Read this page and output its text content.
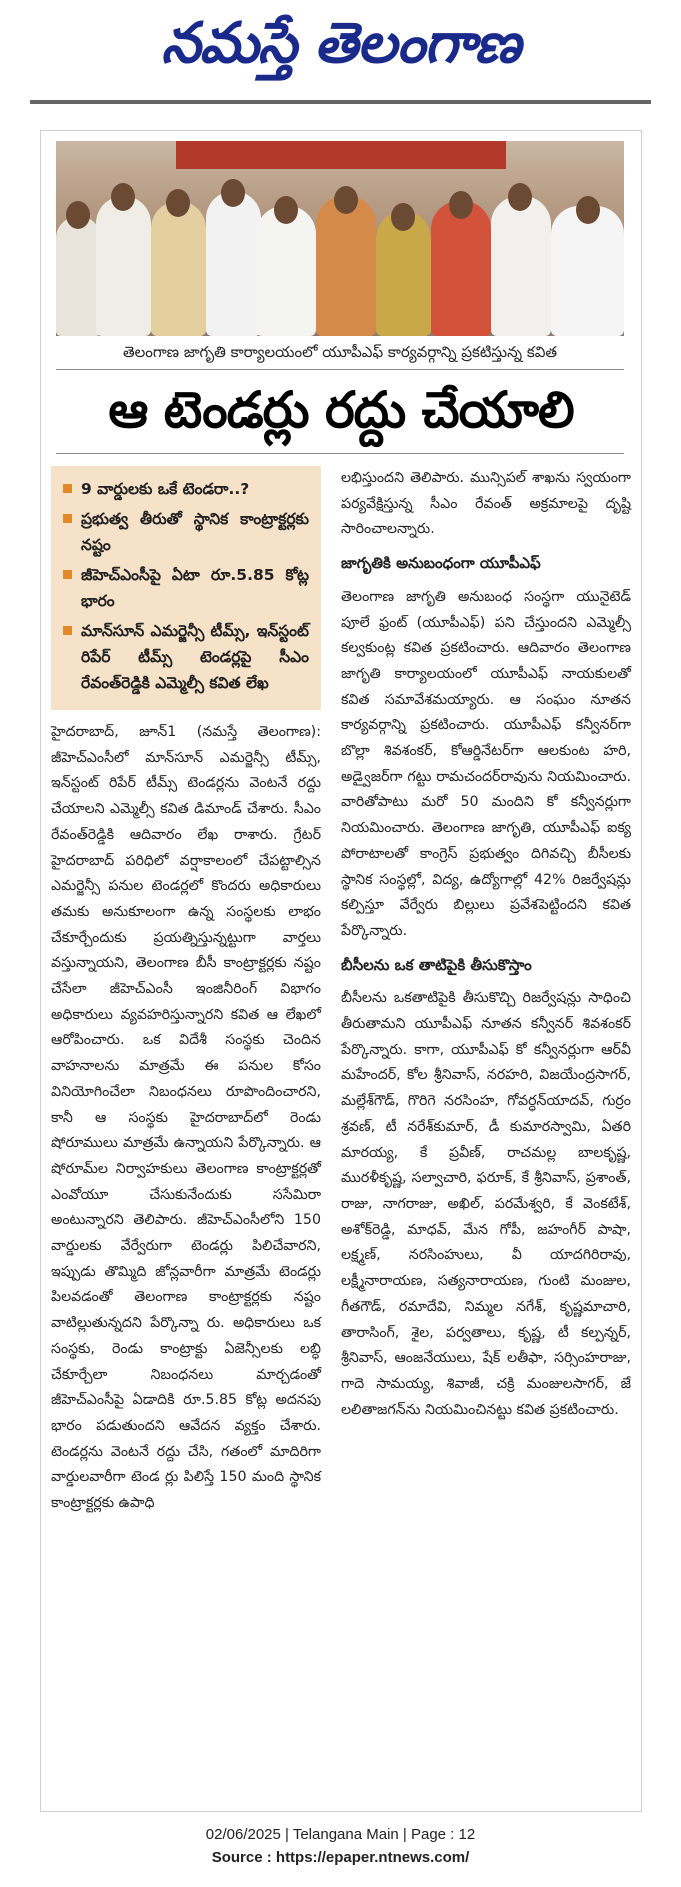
నమస్తే తెలంగాణ
తెలంగాణ జాగృతి కార్యాలయంలో యూపీఎఫ్ కార్యవర్గాన్ని ప్రకటిస్తున్న కవిత
ఆ టెండర్లు రద్దు చేయాలి
9 వార్డులకు ఒకే టెండరా..?
ప్రభుత్వ తీరుతో స్థానిక కాంట్రాక్టర్లకు నష్టం
జీహెచ్ఎంసీపై ఏటా రూ.5.85 కోట్ల భారం
మాన్‌సూన్ ఎమర్జెన్సీ టీమ్స్, ఇన్‌స్టంట్ రిపేర్ టీమ్స్ టెండర్లపై సీఎం రేవంత్‌రెడ్డికి ఎమ్మెల్సీ కవిత లేఖ

హైదరాబాద్, జూన్1 (నమస్తే తెలంగాణ): జీహెచ్ఎంసీలో మాన్‌సూన్ ఎమర్జెన్సీ టీమ్స్, ఇన్‌స్టంట్ రిపేర్ టీమ్స్ టెండర్లను వెంటనే రద్దు చేయాలని ఎమ్మెల్సీ కవిత డిమాండ్ చేశారు. సీఎం రేవంత్‌రెడ్డికి ఆదివారం లేఖ రాశారు. గ్రేటర్ హైదరాబాద్ పరిధిలో వర్షాకాలంలో చేపట్టాల్సిన ఎమర్జెన్సీ పనుల టెండర్లలో కొందరు అధికారులు తమకు అనుకూలంగా ఉన్న సంస్థలకు లాభం చేకూర్చేందుకు ప్రయత్నిస్తున్నట్టుగా వార్తలు వస్తున్నాయని, తెలంగాణ బీసీ కాంట్రాక్టర్లకు నష్టం చేసేలా జీహెచ్ఎంసీ ఇంజినీరింగ్ విభాగం అధికారులు వ్యవహరిస్తున్నారని కవిత ఆ లేఖలో ఆరోపించారు. ఒక విదేశీ సంస్థకు చెందిన వాహనాలను మాత్రమే ఈ పనుల కోసం వినియోగించేలా నిబంధనలు రూపొందించారని, కానీ ఆ సంస్థకు హైదరాబాద్‌లో రెండు షోరూములు మాత్రమే ఉన్నాయని పేర్కొన్నారు. ఆ షోరూమ్‌ల నిర్వాహకులు తెలంగాణ కాంట్రాక్టర్లతో ఎంవోయూ చేసుకునేందుకు ససేమిరా అంటున్నారని తెలిపారు. జీహెచ్ఎంసీలోని 150 వార్డులకు వేర్వేరుగా టెండర్లు పిలిచేవారని, ఇప్పుడు తొమ్మిది జోన్లవారీగా మాత్రమే టెండర్లు పిలవడంతో తెలంగాణ కాంట్రాక్టర్లకు నష్టం వాటిల్లుతున్నదని పేర్కొన్నా రు. అధికారులు ఒక సంస్థకు, రెండు కాంట్రాక్టు ఏజెన్సీలకు లబ్ధి చేకూర్చేలా నిబంధనలు మార్చడంతో జీహెచ్ఎంసీపై ఏడాదికి రూ.5.85 కోట్ల అదనపు భారం పడుతుందని ఆవేదన వ్యక్తం చేశారు. టెండర్లను వెంటనే రద్దు చేసి, గతంలో మాదిరిగా వార్డులవారీగా టెండ ర్లు పిలిస్తే 150 మంది స్థానిక కాంట్రాక్టర్లకు ఉపాధి

లభిస్తుందని తెలిపారు. మున్సిపల్ శాఖను స్వయంగా పర్యవేక్షిస్తున్న సీఎం రేవంత్ అక్రమాలపై దృష్టి సారించాలన్నారు.

జాగృతికి అనుబంధంగా యూపీఎఫ్

తెలంగాణ జాగృతి అనుబంధ సంస్థగా యునైటెడ్ పూలే ఫ్రంట్ (యూపీఎఫ్) పని చేస్తుందని ఎమ్మెల్సీ కల్వకుంట్ల కవిత ప్రకటించారు. ఆదివారం తెలంగాణ జాగృతి కార్యాలయంలో యూపీఎఫ్ నాయకులతో కవిత సమావేశమయ్యారు. ఆ సంఘం నూతన కార్యవర్గాన్ని ప్రకటించారు. యూపీఎఫ్ కన్వీనర్‌గా బొల్లా శివశంకర్, కోఆర్డినేటర్‌గా ఆలకుంట హరి, అడ్వైజర్‌గా గట్టు రామచందర్‌రావును నియమించారు. వారితోపాటు మరో 50 మందిని కో కన్వీనర్లుగా నియమించారు. తెలంగాణ జాగృతి, యూపీఎఫ్ ఐక్య పోరాటాలతో కాంగ్రెస్ ప్రభుత్వం దిగివచ్చి బీసీలకు స్థానిక సంస్థల్లో, విద్య, ఉద్యోగాల్లో 42% రిజర్వేషన్లు కల్పిస్తూ వేర్వేరు బిల్లులు ప్రవేశపెట్టిందని కవిత పేర్కొన్నారు.

బీసీలను ఒక తాటిపైకి తీసుకొస్తాం

బీసీలను ఒకతాటిపైకి తీసుకొచ్చి రిజర్వేషన్లు సాధించి తీరుతామని యూపీఎఫ్ నూతన కన్వీనర్ శివశంకర్ పేర్కొన్నారు. కాగా, యూపీఎఫ్ కో కన్వీనర్లుగా ఆర్‌వీ మహేందర్, కోల శ్రీనివాస్, నరహరి, విజయేంద్రసాగర్, మల్లేశ్‌గౌడ్, గొరిగె నరసింహ, గోవర్ధన్‌యాదవ్, గుర్రం శ్రవణ్, టీ నరేశ్‌కుమార్, డీ కుమారస్వామి, ఏతరి మారయ్య, కే ప్రవీణ్, రాచమల్ల బాలకృష్ణ, మురళీకృష్ణ, సల్వాచారి, ఫరూక్, కే శ్రీనివాస్, ప్రశాంత్, రాజు, నాగరాజు, అఖిల్, పరమేశ్వరి, కే వెంకటేశ్, అశోక్‌రెడ్డి, మాధవ్, మేన గోపీ, జహంగీర్ పాషా, లక్ష్మణ్, నరసింహులు, వీ యాదగిరిరావు, లక్ష్మీనారాయణ, సత్యనారాయణ, గుంటి మంజుల, గీతగౌడ్, రమాదేవి, నిమ్మల నగేశ్, కృష్ణమాచారి, తారాసింగ్, శైల, పర్వతాలు, కృష్ణ, టీ కల్పన్నర్, శ్రీనివాస్, ఆంజనేయులు, షేక్ లతీఫా, సర్సింహరాజు, గాదె సామయ్య, శివాజీ, చక్రి మంజులసాగర్, జే లలితాజగన్‌ను నియమించినట్టు కవిత ప్రకటించారు.

02/06/2025 | Telangana Main | Page : 12
Source : https://epaper.ntnews.com/
